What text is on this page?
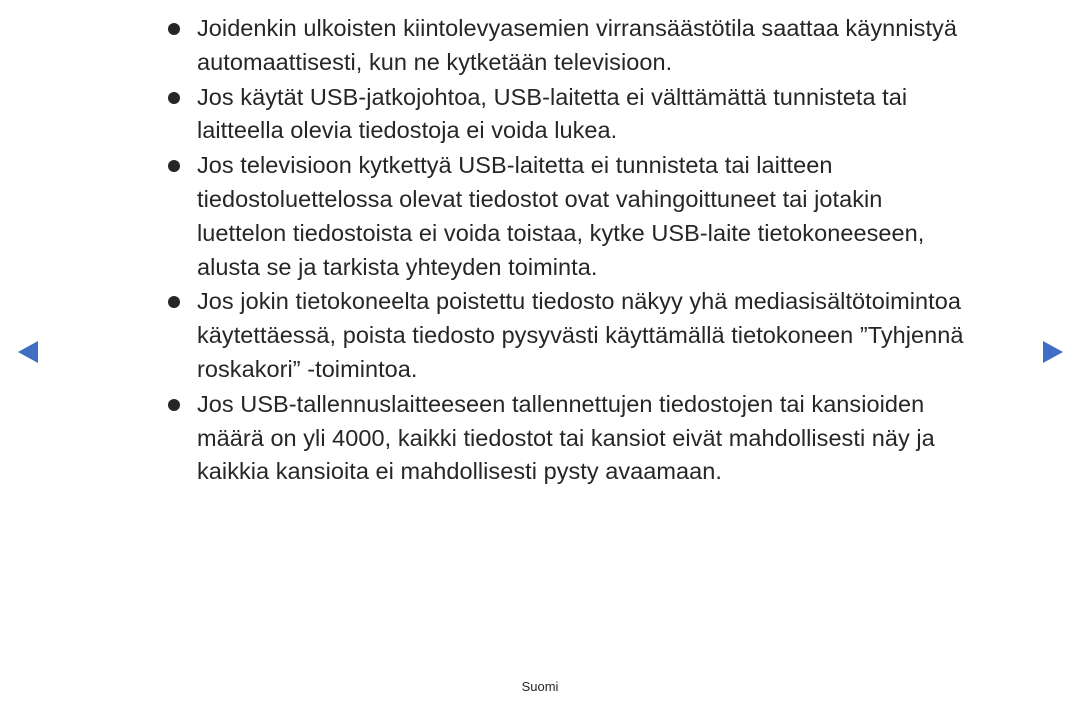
Joidenkin ulkoisten kiintolevyasemien virransäästötila saattaa käynnistyä
automaattisesti, kun ne kytketään televisioon.
Jos käytät USB-jatkojohtoa, USB-laitetta ei välttämättä tunnisteta tai
laitteella olevia tiedostoja ei voida lukea.
Jos televisioon kytkettyä USB-laitetta ei tunnisteta tai laitteen
tiedostoluettelossa olevat tiedostot ovat vahingoittuneet tai jotakin
luettelon tiedostoista ei voida toistaa, kytke USB-laite tietokoneeseen,
alusta se ja tarkista yhteyden toiminta.
Jos jokin tietokoneelta poistettu tiedosto näkyy yhä mediasisältötoimintoa
käytettäessä, poista tiedosto pysyvästi käyttämällä tietokoneen ”Tyhjennä
roskakori” -toimintoa.
Jos USB-tallennuslaitteeseen tallennettujen tiedostojen tai kansioiden
määrä on yli 4000, kaikki tiedostot tai kansiot eivät mahdollisesti näy ja
kaikkia kansioita ei mahdollisesti pysty avaamaan.
Suomi
